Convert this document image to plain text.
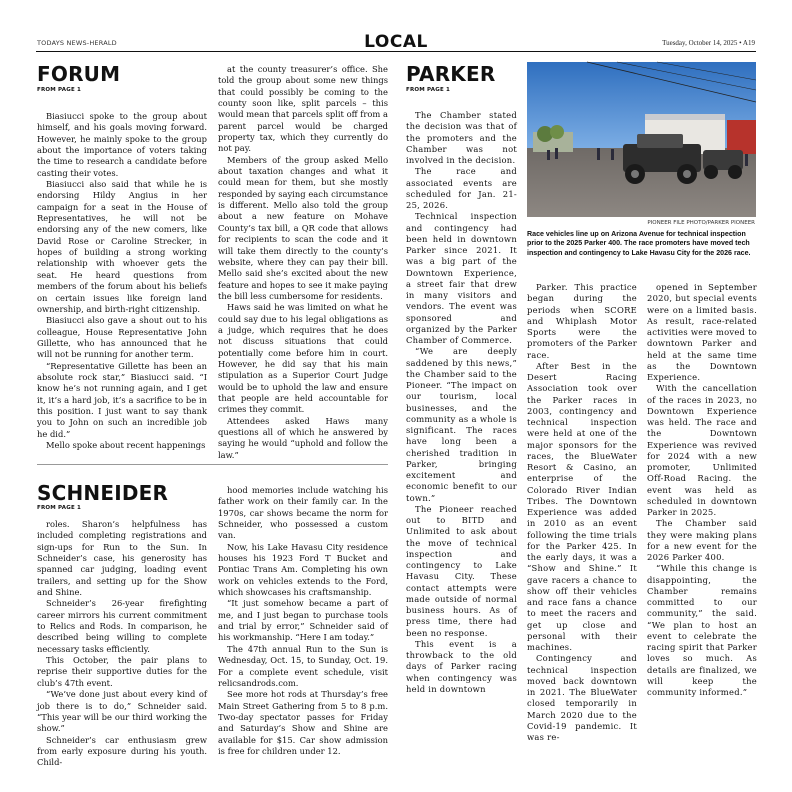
TODAYS NEWS-HERALD	LOCAL	Tuesday, October 14, 2025 • A19
FORUM
FROM PAGE 1

Biasiucci spoke to the group about himself, and his goals moving forward. However, he mainly spoke to the group about the importance of voters taking the time to research a candidate before casting their votes.

Biasiucci also said that while he is endorsing Hildy Angius in her campaign for a seat in the House of Representatives, he will not be endorsing any of the new comers, like David Rose or Caroline Strecker, in hopes of building a strong working relationship with whoever gets the seat. He heard questions from members of the forum about his beliefs on certain issues like foreign land ownership, and birth-right citizenship.

Biasiucci also gave a shout out to his colleague, House Representative John Gillette, who has announced that he will not be running for another term.

“Representative Gillette has been an absolute rock star,” Biasiucci said. “I know he’s not running again, and I get it, it’s a hard job, it’s a sacrifice to be in this position. I just want to say thank you to John on such an incredible job he did.”

Mello spoke about recent happenings

at the county treasurer’s office. She told the group about some new things that could possibly be coming to the county soon like, split parcels – this would mean that parcels split off from a parent parcel would be charged property tax, which they currently do not pay.

Members of the group asked Mello about taxation changes and what it could mean for them, but she mostly responded by saying each circumstance is different. Mello also told the group about a new feature on Mohave County’s tax bill, a QR code that allows for recipients to scan the code and it will take them directly to the county’s website, where they can pay their bill. Mello said she’s excited about the new feature and hopes to see it make paying the bill less cumbersome for residents.

Haws said he was limited on what he could say due to his legal obligations as a judge, which requires that he does not discuss situations that could potentially come before him in court. However, he did say that his main stipulation as a Superior Court Judge would be to uphold the law and ensure that people are held accountable for crimes they commit.

Attendees asked Haws many questions all of which he answered by saying he would “uphold and follow the law.”

SCHNEIDER
FROM PAGE 1

roles. Sharon’s helpfulness has included completing registrations and sign-ups for Run to the Sun. In Schneider’s case, his generosity has spanned car judging, loading event trailers, and setting up for the Show and Shine.

Schneider’s 26-year firefighting career mirrors his current commitment to Relics and Rods. In comparison, he described being willing to complete necessary tasks efficiently.

This October, the pair plans to reprise their supportive duties for the club’s 47th event.

“We’ve done just about every kind of job there is to do,” Schneider said. “This year will be our third working the show.”

Schneider’s car enthusiasm grew from early exposure during his youth. Child-

hood memories include watching his father work on their family car. In the 1970s, car shows became the norm for Schneider, who possessed a custom van.

Now, his Lake Havasu City residence houses his 1923 Ford T Bucket and Pontiac Trans Am. Completing his own work on vehicles extends to the Ford, which showcases his craftsmanship.

“It just somehow became a part of me, and I just began to purchase tools and trial by error,” Schneider said of his workmanship. “Here I am today.”

The 47th annual Run to the Sun is Wednesday, Oct. 15, to Sunday, Oct. 19. For a complete event schedule, visit relicsandrods.com.

See more hot rods at Thursday’s free Main Street Gathering from 5 to 8 p.m. Two-day spectator passes for Friday and Saturday’s Show and Shine are available for $15. Car show admission is free for children under 12.

PARKER
FROM PAGE 1

The Chamber stated the decision was that of the promoters and the Chamber was not involved in the decision.

The race and associated events are scheduled for Jan. 21-25, 2026.

Technical inspection and contingency had been held in downtown Parker since 2021. It was a big part of the Downtown Experience, a street fair that drew in many visitors and vendors. The event was sponsored and organized by the Parker Chamber of Commerce.

“We are deeply saddened by this news,” the Chamber said to the Pioneer. “The impact on our tourism, local businesses, and the community as a whole is significant. The races have long been a cherished tradition in Parker, bringing excitement and economic benefit to our town.”

The Pioneer reached out to BITD and Unlimited to ask about the move of technical inspection and contingency to Lake Havasu City. These contact attempts were made outside of normal business hours. As of press time, there had been no response.

This event is a throwback to the old days of Parker racing when contingency was held in downtown

Parker. This practice began during the periods when SCORE and Whiplash Motor Sports were the promoters of the Parker race.

After Best in the Desert Racing Association took over the Parker races in 2003, contingency and technical inspection were held at one of the major sponsors for the races, the BlueWater Resort & Casino, an enterprise of the Colorado River Indian Tribes. The Downtown Experience was added in 2010 as an event following the time trials for the Parker 425. In the early days, it was a “Show and Shine.” It gave racers a chance to show off their vehicles and race fans a chance to meet the racers and get up close and personal with their machines.

Contingency and technical inspection moved back downtown in 2021. The BlueWater closed temporarily in March 2020 due to the Covid-19 pandemic. It was re-

opened in September 2020, but special events were on a limited basis. As result, race-related activities were moved to downtown Parker and held at the same time as the Downtown Experience.

With the cancellation of the races in 2023, no Downtown Experience was held. The race and the Downtown Experience was revived for 2024 with a new promoter, Unlimited Off-Road Racing. the event was held as scheduled in downtown Parker in 2025.

The Chamber said they were making plans for a new event for the 2026 Parker 400.

“While this change is disappointing, the Chamber remains committed to our community,” the said. “We plan to host an event to celebrate the racing spirit that Parker loves so much. As details are finalized, we will keep the community informed.”

PIONEER FILE PHOTO/PARKER PIONEER
Race vehicles line up on Arizona Avenue for technical inspection prior to the 2025 Parker 400. The race promoters have moved tech inspection and contingency to Lake Havasu City for the 2026 race.
